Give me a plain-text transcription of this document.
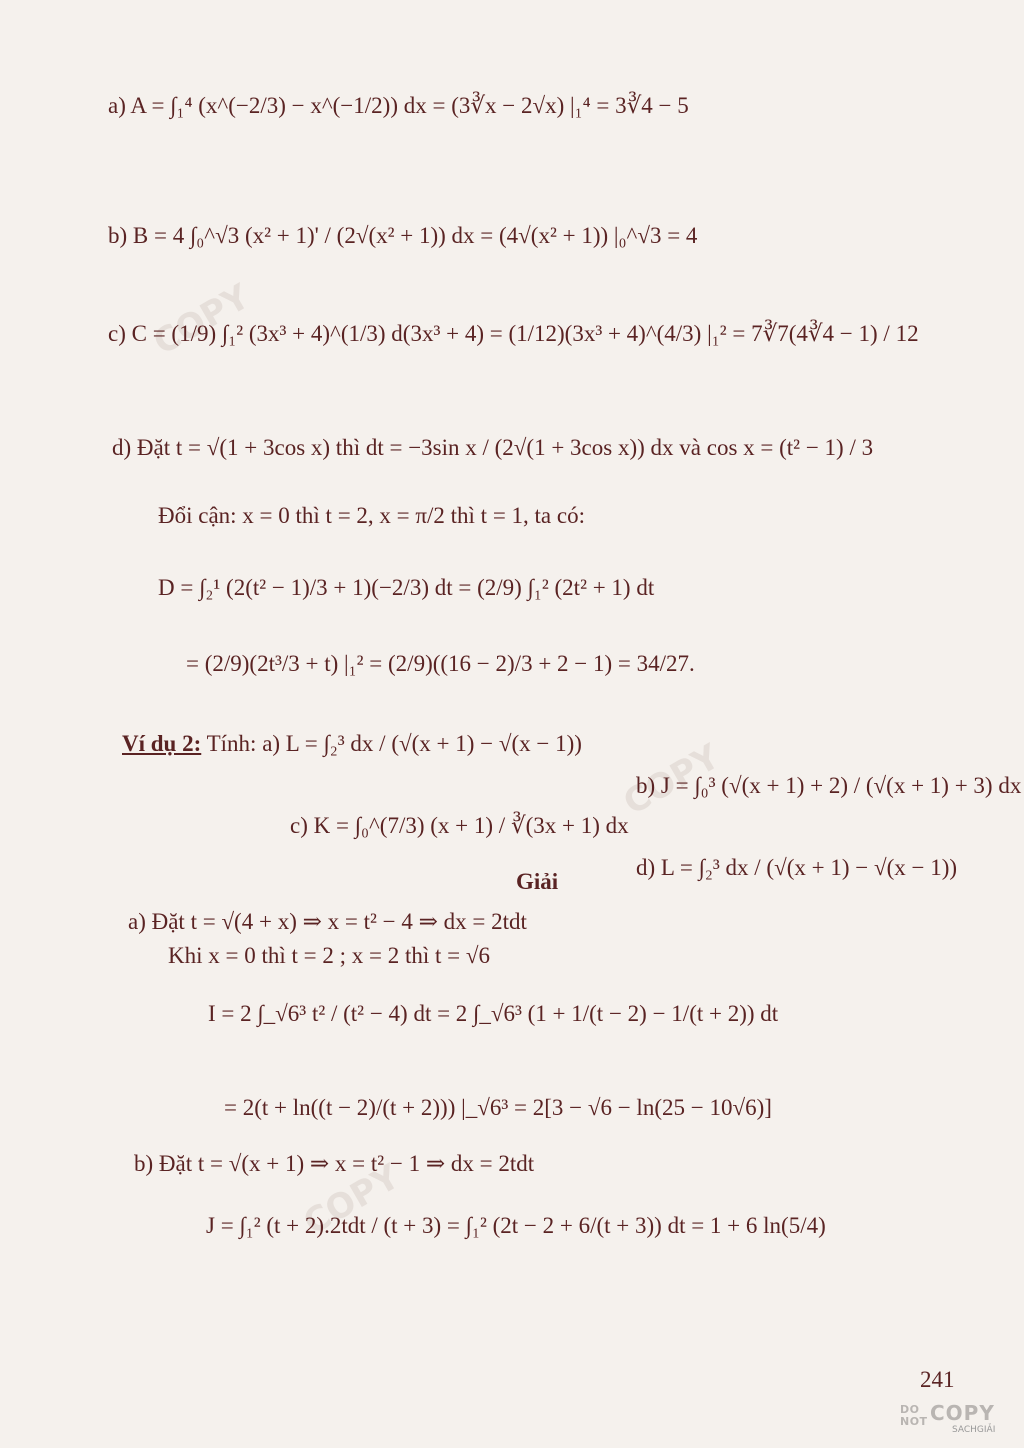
COPY
COPY
COPY
a) A = ∫₁⁴ (x^(−2/3) − x^(−1/2)) dx = (3∛x − 2√x) |₁⁴ = 3∛4 − 5
b) B = 4 ∫₀^√3 (x² + 1)' / (2√(x² + 1)) dx = (4√(x² + 1)) |₀^√3 = 4
c) C = (1/9) ∫₁² (3x³ + 4)^(1/3) d(3x³ + 4) = (1/12)(3x³ + 4)^(4/3) |₁² = 7∛7(4∛4 − 1) / 12
d) Đặt t = √(1 + 3cos x) thì dt = −3sin x / (2√(1 + 3cos x)) dx và cos x = (t² − 1) / 3
Đổi cận: x = 0 thì t = 2, x = π/2 thì t = 1, ta có:
D = ∫₂¹ (2(t² − 1)/3 + 1)(−2/3) dt = (2/9) ∫₁² (2t² + 1) dt
= (2/9)(2t³/3 + t) |₁² = (2/9)((16 − 2)/3 + 2 − 1) = 34/27.
Ví dụ 2: Tính: a) L = ∫₂³ dx / (√(x + 1) − √(x − 1))
b) J = ∫₀³ (√(x + 1) + 2) / (√(x + 1) + 3) dx
c) K = ∫₀^(7/3) (x + 1) / ∛(3x + 1) dx
d) L = ∫₂³ dx / (√(x + 1) − √(x − 1))
Giải
a) Đặt t = √(4 + x) ⇒ x = t² − 4 ⇒ dx = 2tdt
Khi x = 0 thì t = 2 ; x = 2 thì t = √6
I = 2 ∫_√6³ t² / (t² − 4) dt = 2 ∫_√6³ (1 + 1/(t − 2) − 1/(t + 2)) dt
= 2(t + ln((t − 2)/(t + 2))) |_√6³ = 2[3 − √6 − ln(25 − 10√6)]
b) Đặt t = √(x + 1) ⇒ x = t² − 1 ⇒ dx = 2tdt
J = ∫₁² (t + 2).2tdt / (t + 3) = ∫₁² (2t − 2 + 6/(t + 3)) dt = 1 + 6 ln(5/4)
241
DO
NOT COPY
SACHGIẢI
